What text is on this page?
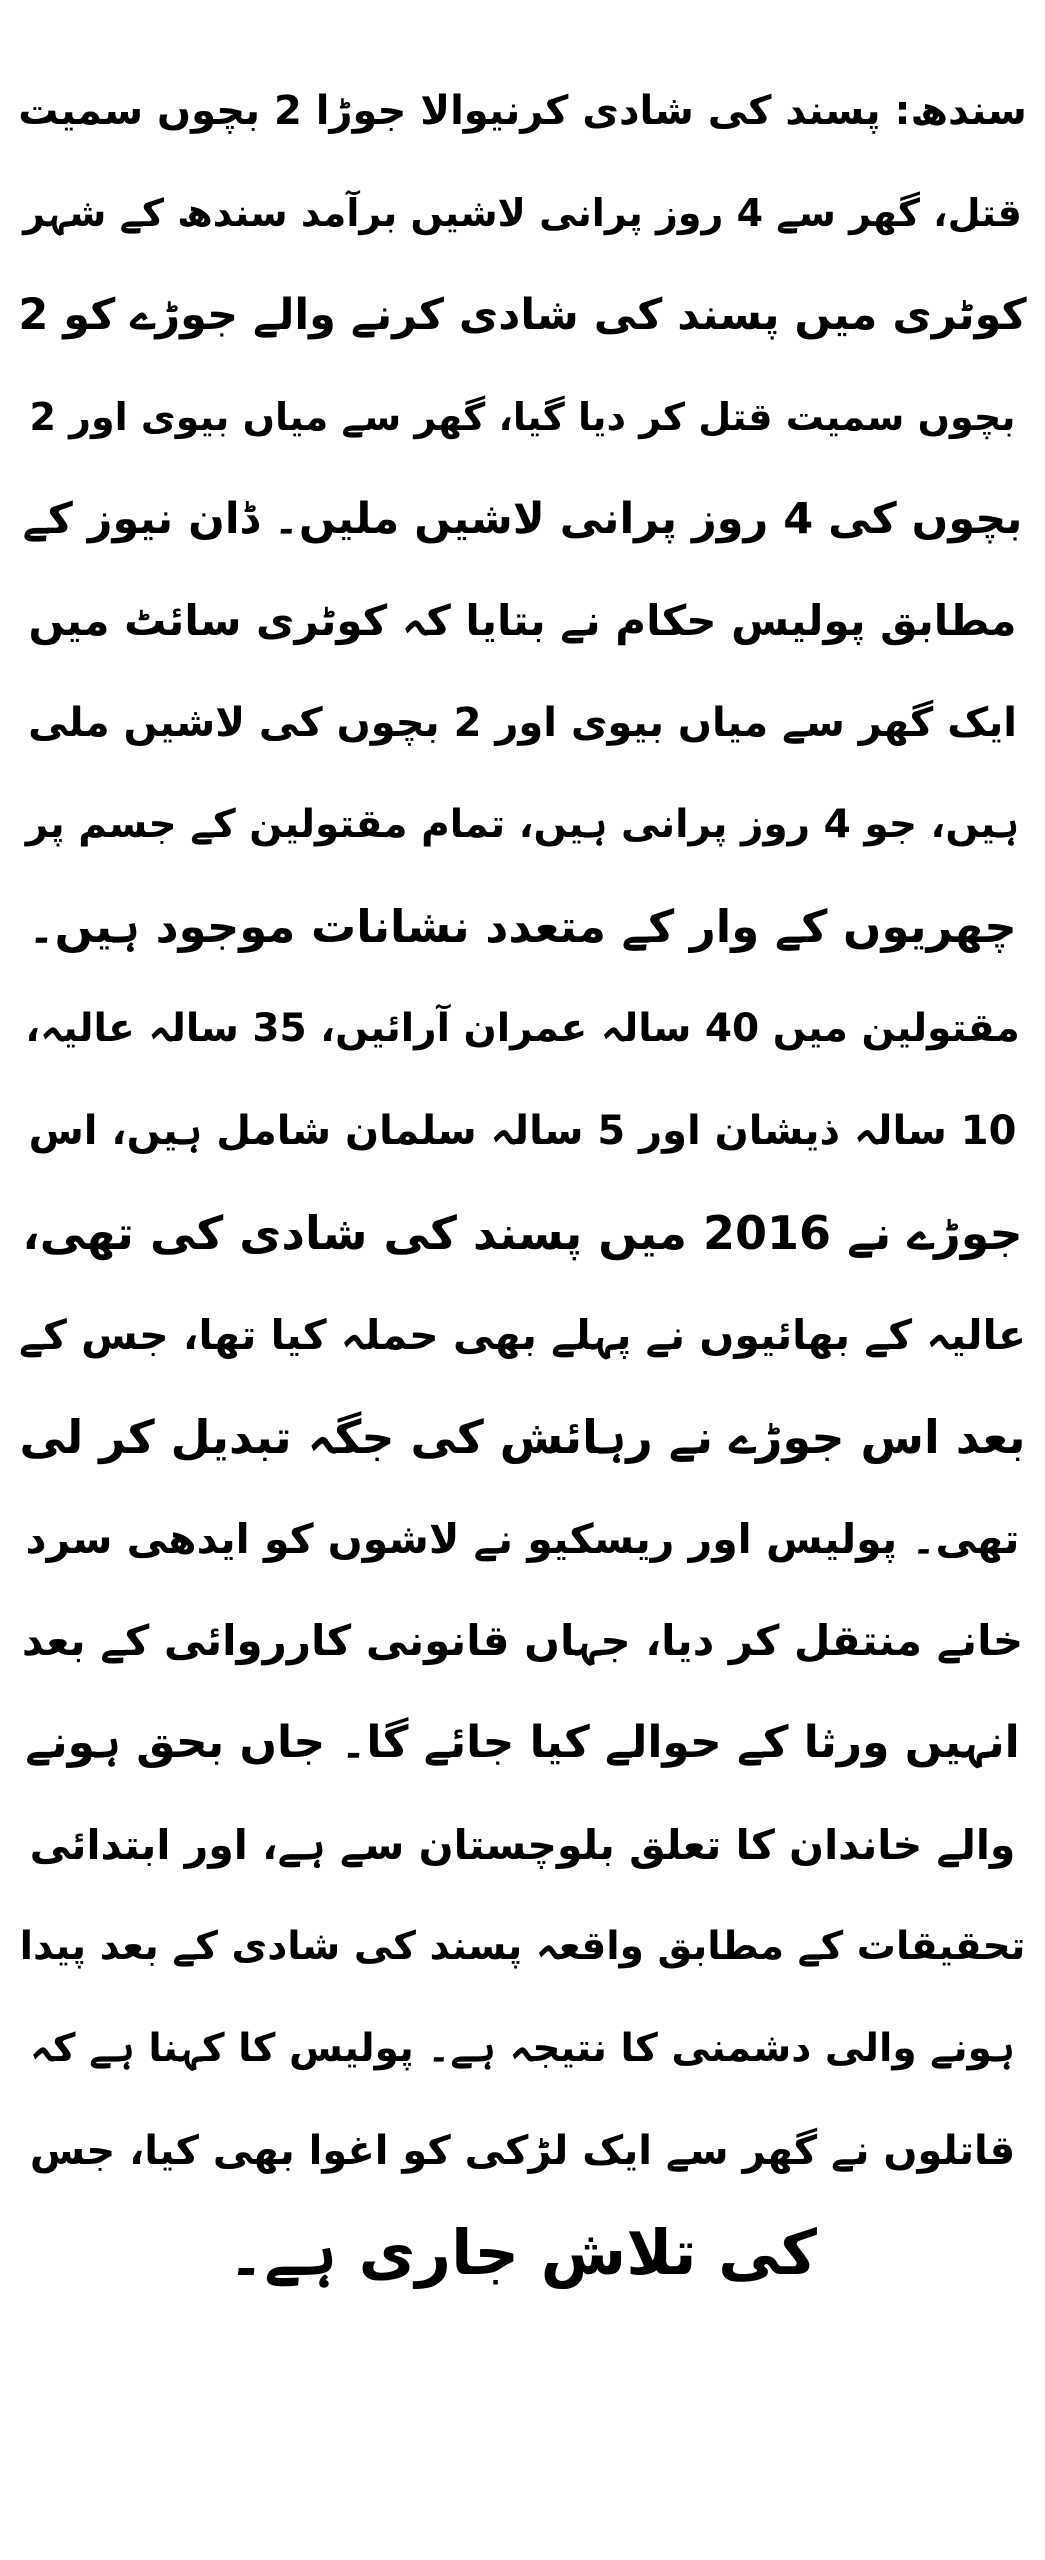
سندھ: پسند کی شادی کرنیوالا جوڑا 2 بچوں سمیت
قتل، گھر سے 4 روز پرانی لاشیں برآمد سندھ کے شہر
کوٹری میں پسند کی شادی کرنے والے جوڑے کو 2
بچوں سمیت قتل کر دیا گیا، گھر سے میاں بیوی اور 2
بچوں کی 4 روز پرانی لاشیں ملیں۔ ڈان نیوز کے
مطابق پولیس حکام نے بتایا کہ کوٹری سائٹ میں
ایک گھر سے میاں بیوی اور 2 بچوں کی لاشیں ملی
ہیں، جو 4 روز پرانی ہیں، تمام مقتولین کے جسم پر
چھریوں کے وار کے متعدد نشانات موجود ہیں۔
مقتولین میں 40 سالہ عمران آرائیں، 35 سالہ عالیہ،
10 سالہ ذیشان اور 5 سالہ سلمان شامل ہیں، اس
جوڑے نے 2016 میں پسند کی شادی کی تھی،
عالیہ کے بھائیوں نے پہلے بھی حملہ کیا تھا، جس کے
بعد اس جوڑے نے رہائش کی جگہ تبدیل کر لی
تھی۔ پولیس اور ریسکیو نے لاشوں کو ایدھی سرد
خانے منتقل کر دیا، جہاں قانونی کارروائی کے بعد
انہیں ورثا کے حوالے کیا جائے گا۔ جاں بحق ہونے
والے خاندان کا تعلق بلوچستان سے ہے، اور ابتدائی
تحقیقات کے مطابق واقعہ پسند کی شادی کے بعد پیدا
ہونے والی دشمنی کا نتیجہ ہے۔ پولیس کا کہنا ہے کہ
قاتلوں نے گھر سے ایک لڑکی کو اغوا بھی کیا، جس
کی تلاش جاری ہے۔
